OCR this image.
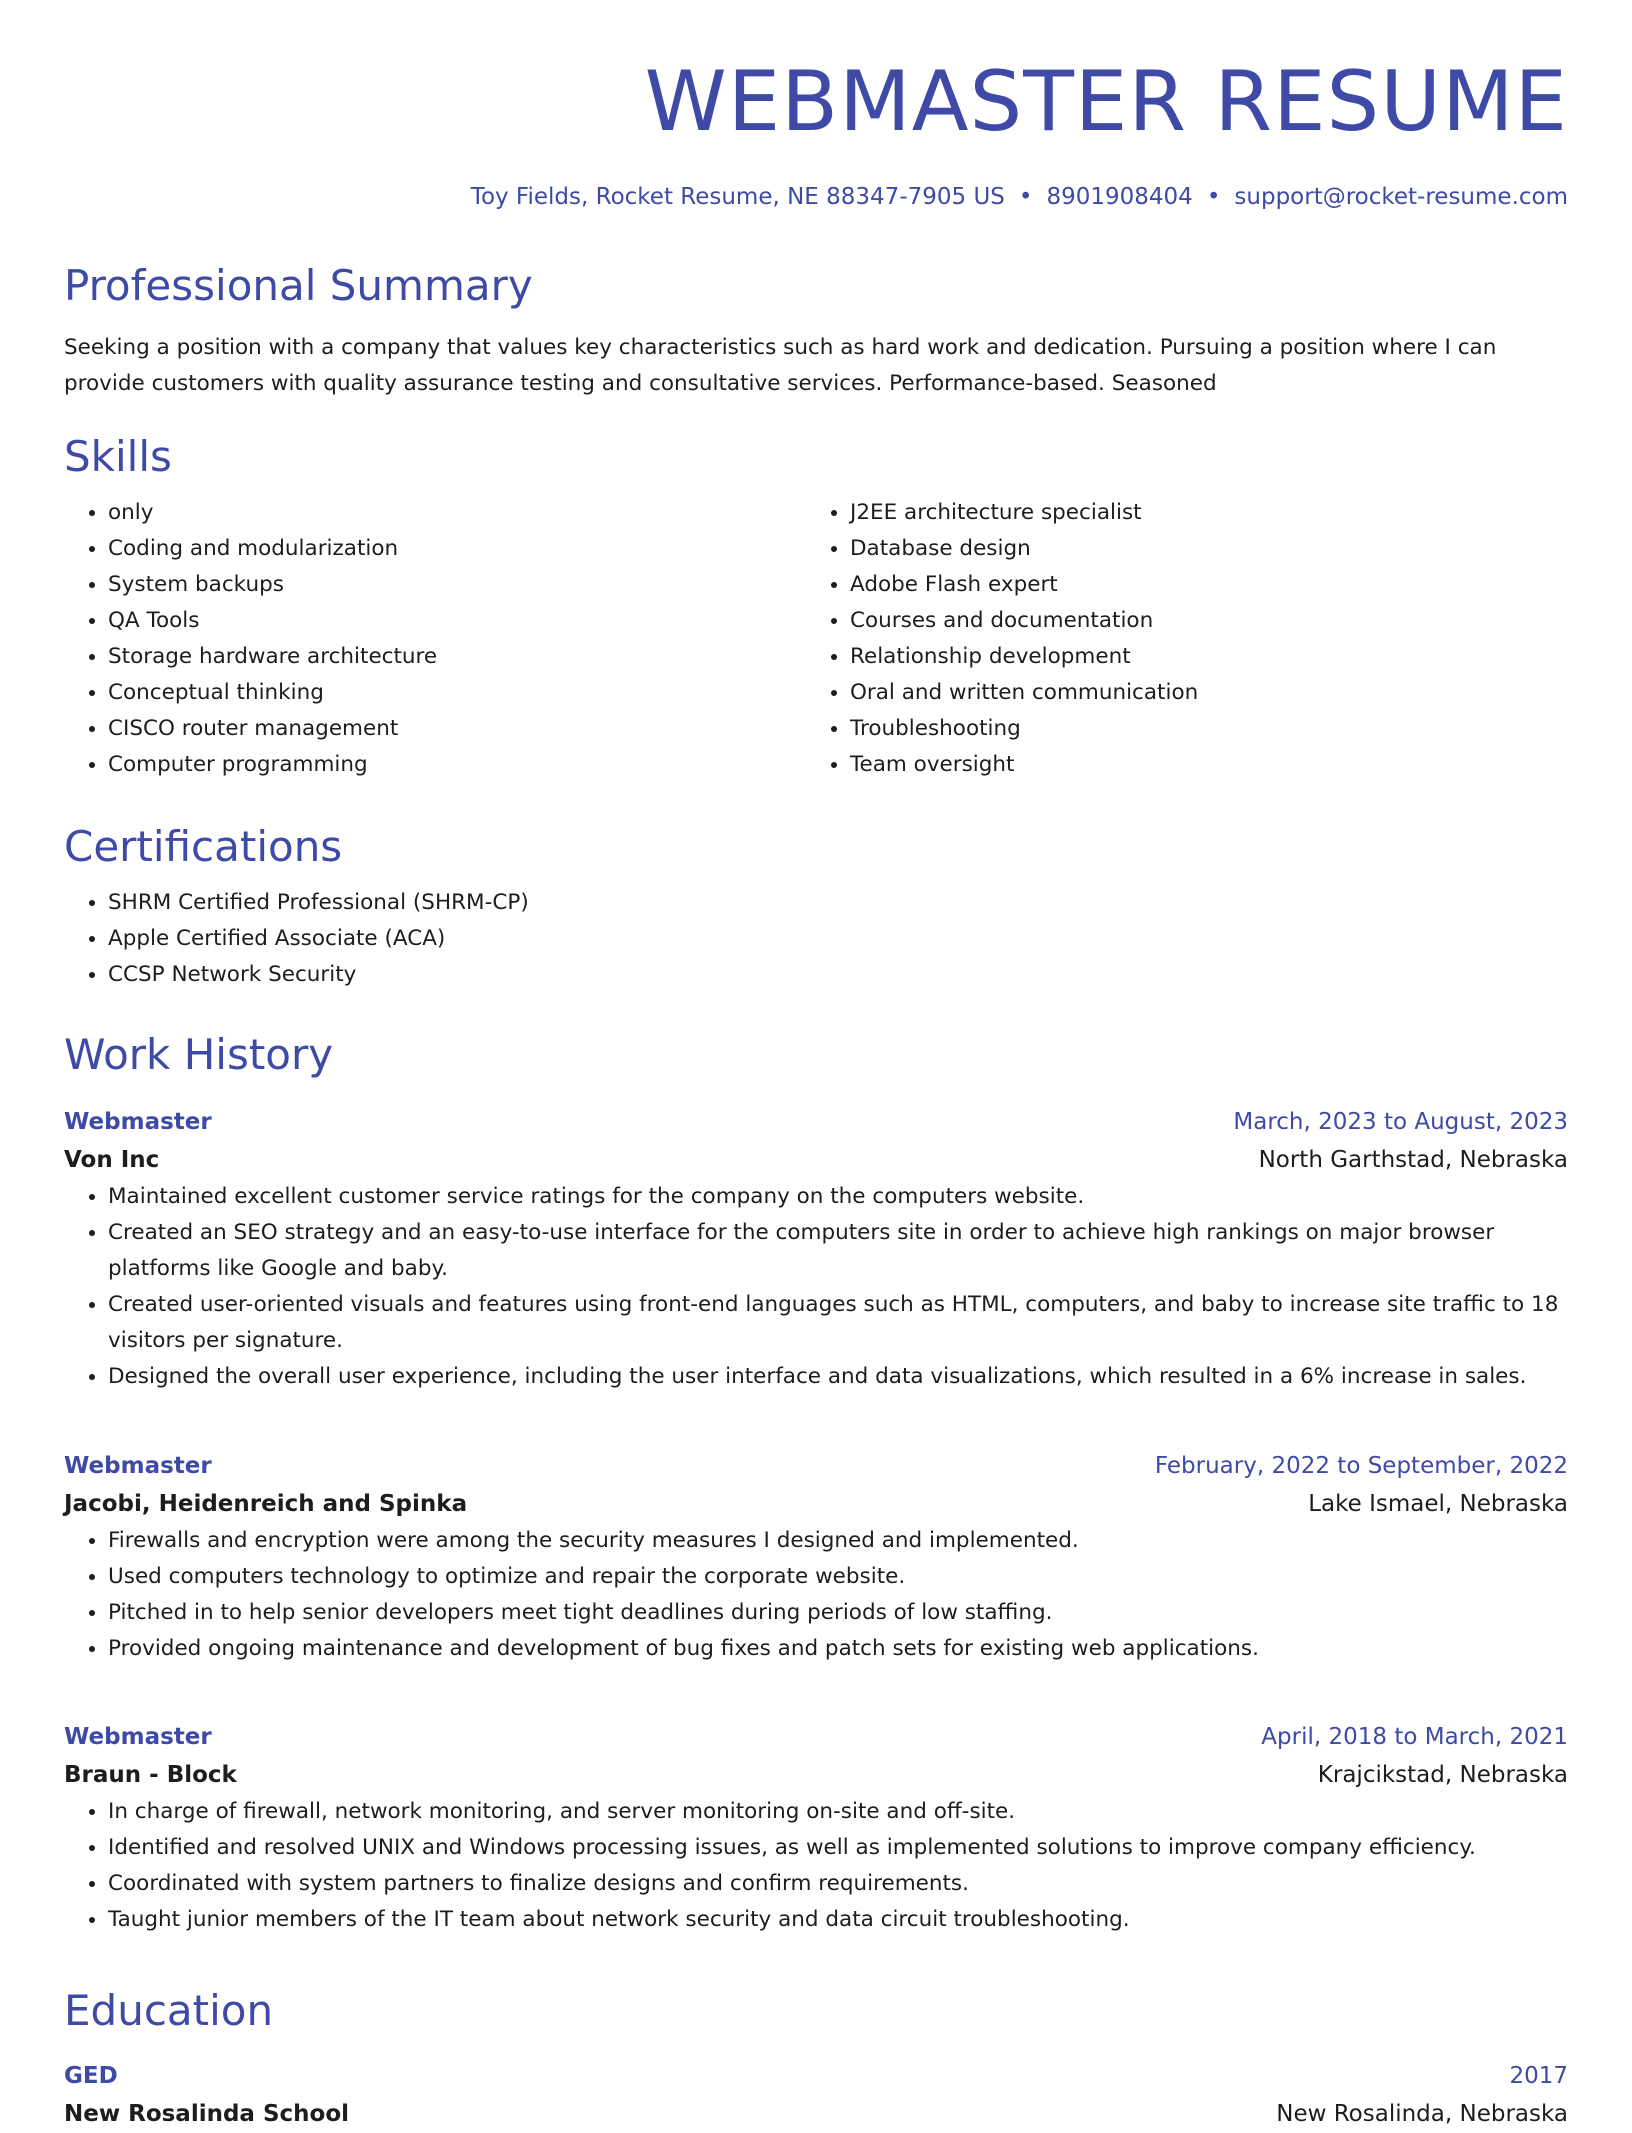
WEBMASTER RESUME
Toy Fields, Rocket Resume, NE 88347-7905 US • 8901908404 • support@rocket-resume.com
Professional Summary

Seeking a position with a company that values key characteristics such as hard work and dedication. Pursuing a position where I can provide customers with quality assurance testing and consultative services. Performance-based. Seasoned

Skills
• only
• Coding and modularization
• System backups
• QA Tools
• Storage hardware architecture
• Conceptual thinking
• CISCO router management
• Computer programming
• J2EE architecture specialist
• Database design
• Adobe Flash expert
• Courses and documentation
• Relationship development
• Oral and written communication
• Troubleshooting
• Team oversight
Certifications
• SHRM Certified Professional (SHRM-CP)
• Apple Certified Associate (ACA)
• CCSP Network Security
Work History
Webmaster	March, 2023 to August, 2023
Von Inc	North Garthstad, Nebraska
• Maintained excellent customer service ratings for the company on the computers website.
• Created an SEO strategy and an easy-to-use interface for the computers site in order to achieve high rankings on major browser platforms like Google and baby.
• Created user-oriented visuals and features using front-end languages such as HTML, computers, and baby to increase site traffic to 18 visitors per signature.
• Designed the overall user experience, including the user interface and data visualizations, which resulted in a 6% increase in sales.
Webmaster	February, 2022 to September, 2022
Jacobi, Heidenreich and Spinka	Lake Ismael, Nebraska
• Firewalls and encryption were among the security measures I designed and implemented.
• Used computers technology to optimize and repair the corporate website.
• Pitched in to help senior developers meet tight deadlines during periods of low staffing.
• Provided ongoing maintenance and development of bug fixes and patch sets for existing web applications.
Webmaster	April, 2018 to March, 2021
Braun - Block	Krajcikstad, Nebraska
• In charge of firewall, network monitoring, and server monitoring on-site and off-site.
• Identified and resolved UNIX and Windows processing issues, as well as implemented solutions to improve company efficiency.
• Coordinated with system partners to finalize designs and confirm requirements.
• Taught junior members of the IT team about network security and data circuit troubleshooting.
Education
GED	2017
New Rosalinda School	New Rosalinda, Nebraska
